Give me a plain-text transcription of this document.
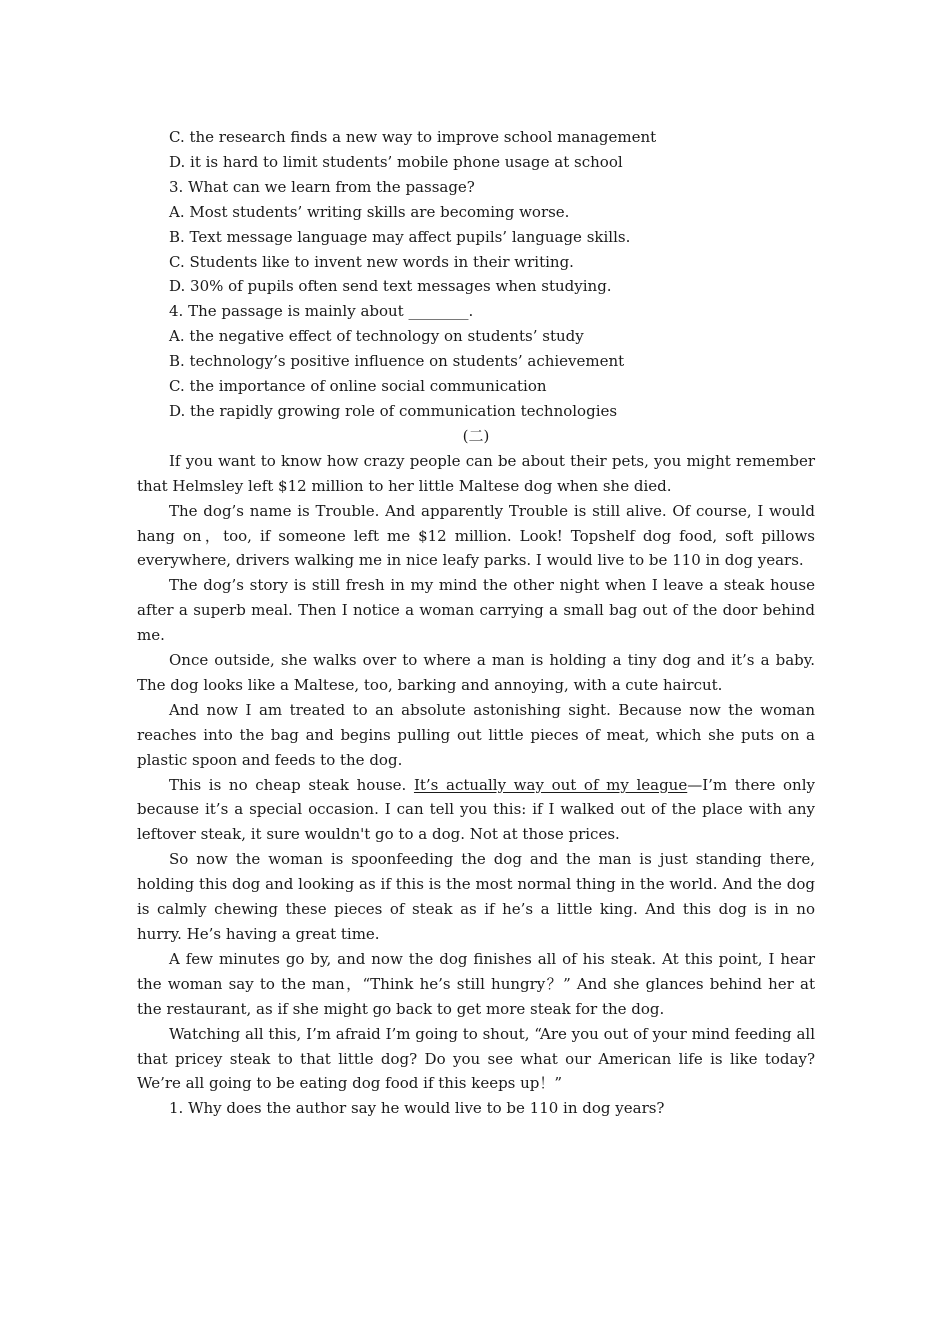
C. the research finds a new way to improve school management

D. it is hard to limit students’ mobile phone usage at school

3. What can we learn from the passage?

A. Most students’ writing skills are becoming worse.

B. Text message language may affect pupils’ language skills.

C. Students like to invent new words in their writing.

D. 30% of pupils often send text messages when studying.

4. The passage is mainly about ________.

A. the negative effect of technology on students’ study

B. technology’s positive influence on students’ achievement

C. the importance of online social communication

D. the rapidly growing role of communication technologies

(二)

If you want to know how crazy people can be about their pets, you might remember that Helmsley left $12 million to her little Maltese dog when she died.

The dog’s name is Trouble. And apparently Trouble is still alive. Of course, I would hang on，too, if someone left me $12 million. Look! Topshelf dog food, soft pillows everywhere, drivers walking me in nice leafy parks. I would live to be 110 in dog years.

The dog’s story is still fresh in my mind the other night when I leave a steak house after a superb meal. Then I notice a woman carrying a small bag out of the door behind me.

Once outside, she walks over to where a man is holding a tiny dog and it’s a baby. The dog looks like a Maltese, too, barking and annoying, with a cute haircut.

And now I am treated to an absolute astonishing sight. Because now the woman reaches into the bag and begins pulling out little pieces of meat, which she puts on a plastic spoon and feeds to the dog.

This is no cheap steak house. It’s actually way out of my league—I’m there only because it’s a special occasion. I can tell you this: if I walked out of the place with any leftover steak, it sure wouldn't go to a dog. Not at those prices.

So now the woman is spoonfeeding the dog and the man is just standing there, holding this dog and looking as if this is the most normal thing in the world. And the dog is calmly chewing these pieces of steak as if he’s a little king. And this dog is in no hurry. He’s having a great time.

A few minutes go by, and now the dog finishes all of his steak. At this point, I hear the woman say to the man，“Think he’s still hungry？” And she glances behind her at the restaurant, as if she might go back to get more steak for the dog.

Watching all this, I’m afraid I’m going to shout, “Are you out of your mind feeding all that pricey steak to that little dog? Do you see what our American life is like today? We’re all going to be eating dog food if this keeps up！”

1. Why does the author say he would live to be 110 in dog years?
